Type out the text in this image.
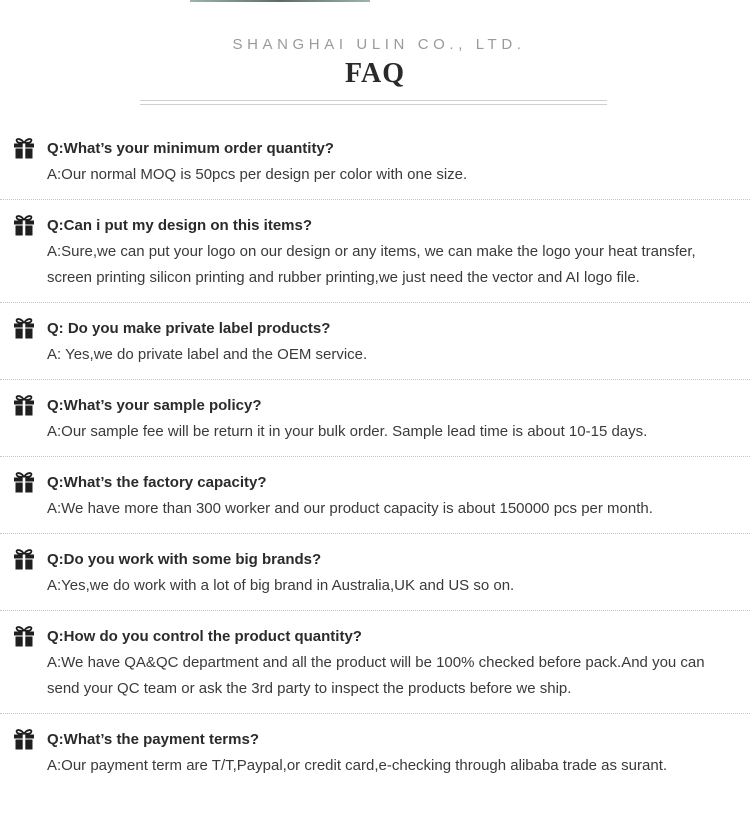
SHANGHAI ULIN CO., LTD.
FAQ
Q:What’s your minimum order quantity?
A:Our normal MOQ is 50pcs per design per color with one size.
Q:Can i put my design on this items?
A:Sure,we can put your logo on our design or any items, we can make the logo your heat transfer,
screen printing silicon printing and rubber printing,we just need the vector and AI logo file.
Q: Do you make private label products?
A: Yes,we do private label and the OEM service.
Q:What’s your sample policy?
A:Our sample fee will be return it in your bulk order. Sample lead time is about 10-15 days.
Q:What’s the factory capacity?
A:We have more than 300 worker and our product capacity is about 150000 pcs per month.
Q:Do you work with some big brands?
A:Yes,we do work with a lot of big brand in Australia,UK and US so on.
Q:How do you control the product quantity?
A:We have QA&QC department and all the product will be 100% checked before pack.And you can
send your QC team or ask the 3rd party to inspect the products before we ship.
Q:What’s the payment terms?
A:Our payment term are T/T,Paypal,or credit card,e-checking through alibaba trade as surant.
